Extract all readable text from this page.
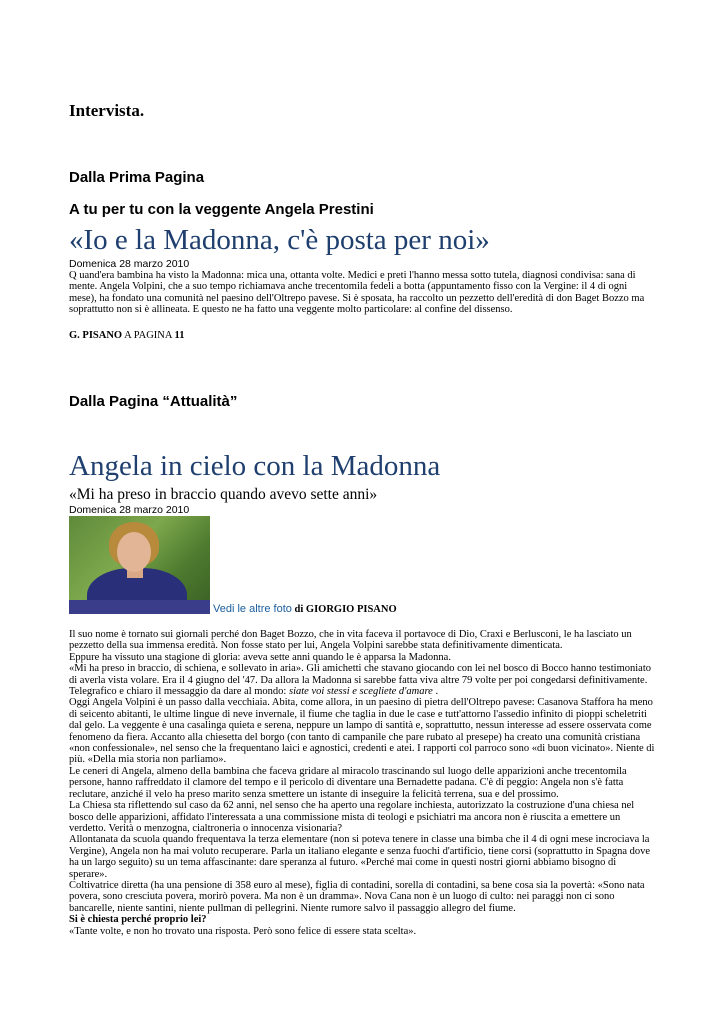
Intervista.
Dalla Prima Pagina
A tu per tu con la veggente Angela Prestini
«Io e la Madonna, c'è posta per noi»
Domenica 28 marzo 2010

Q uand'era bambina ha visto la Madonna: mica una, ottanta volte. Medici e preti l'hanno messa sotto tutela, diagnosi condivisa: sana di mente. Angela Volpini, che a suo tempo richiamava anche trecentomila fedeli a botta (appuntamento fisso con la Vergine: il 4 di ogni mese), ha fondato una comunità nel paesino dell'Oltrepo pavese. Si è sposata, ha raccolto un pezzetto dell'eredità di don Baget Bozzo ma soprattutto non si è allineata. E questo ne ha fatto una veggente molto particolare: al confine del dissenso.

G. PISANO A PAGINA 11
Dalla Pagina “Attualità”
Angela in cielo con la Madonna
«Mi ha preso in braccio quando avevo sette anni»
Domenica 28 marzo 2010
Vedi le altre foto di GIORGIO PISANO

Il suo nome è tornato sui giornali perché don Baget Bozzo, che in vita faceva il portavoce di Dio, Craxi e Berlusconi, le ha lasciato un pezzetto della sua immensa eredità. Non fosse stato per lui, Angela Volpini sarebbe stata definitivamente dimenticata.

Eppure ha vissuto una stagione di gloria: aveva sette anni quando le è apparsa la Madonna.

«Mi ha preso in braccio, di schiena, e sollevato in aria». Gli amichetti che stavano giocando con lei nel bosco di Bocco hanno testimoniato di averla vista volare. Era il 4 giugno del '47. Da allora la Madonna si sarebbe fatta viva altre 79 volte per poi congedarsi definitivamente. Telegrafico e chiaro il messaggio da dare al mondo: siate voi stessi e scegliete d'amare .

Oggi Angela Volpini è un passo dalla vecchiaia. Abita, come allora, in un paesino di pietra dell'Oltrepo pavese: Casanova Staffora ha meno di seicento abitanti, le ultime lingue di neve invernale, il fiume che taglia in due le case e tutt'attorno l'assedio infinito di pioppi scheletriti dal gelo. La veggente è una casalinga quieta e serena, neppure un lampo di santità e, soprattutto, nessun interesse ad essere osservata come fenomeno da fiera. Accanto alla chiesetta del borgo (con tanto di campanile che pare rubato al presepe) ha creato una comunità cristiana «non confessionale», nel senso che la frequentano laici e agnostici, credenti e atei. I rapporti col parroco sono «di buon vicinato». Niente di più. «Della mia storia non parliamo».

Le ceneri di Angela, almeno della bambina che faceva gridare al miracolo trascinando sul luogo delle apparizioni anche trecentomila persone, hanno raffreddato il clamore del tempo e il pericolo di diventare una Bernadette padana. C'è di peggio: Angela non s'è fatta reclutare, anziché il velo ha preso marito senza smettere un istante di inseguire la felicità terrena, sua e del prossimo.

La Chiesa sta riflettendo sul caso da 62 anni, nel senso che ha aperto una regolare inchiesta, autorizzato la costruzione d'una chiesa nel bosco delle apparizioni, affidato l'interessata a una commissione mista di teologi e psichiatri ma ancora non è riuscita a emettere un verdetto. Verità o menzogna, cialtroneria o innocenza visionaria?

Allontanata da scuola quando frequentava la terza elementare (non si poteva tenere in classe una bimba che il 4 di ogni mese incrociava la Vergine), Angela non ha mai voluto recuperare. Parla un italiano elegante e senza fuochi d'artificio, tiene corsi (soprattutto in Spagna dove ha un largo seguito) su un tema affascinante: dare speranza al futuro. «Perché mai come in questi nostri giorni abbiamo bisogno di sperare».

Coltivatrice diretta (ha una pensione di 358 euro al mese), figlia di contadini, sorella di contadini, sa bene cosa sia la povertà: «Sono nata povera, sono cresciuta povera, morirò povera. Ma non è un dramma». Nova Cana non è un luogo di culto: nei paraggi non ci sono bancarelle, niente santini, niente pullman di pellegrini. Niente rumore salvo il passaggio allegro del fiume.

Si è chiesta perché proprio lei?

«Tante volte, e non ho trovato una risposta. Però sono felice di essere stata scelta».
